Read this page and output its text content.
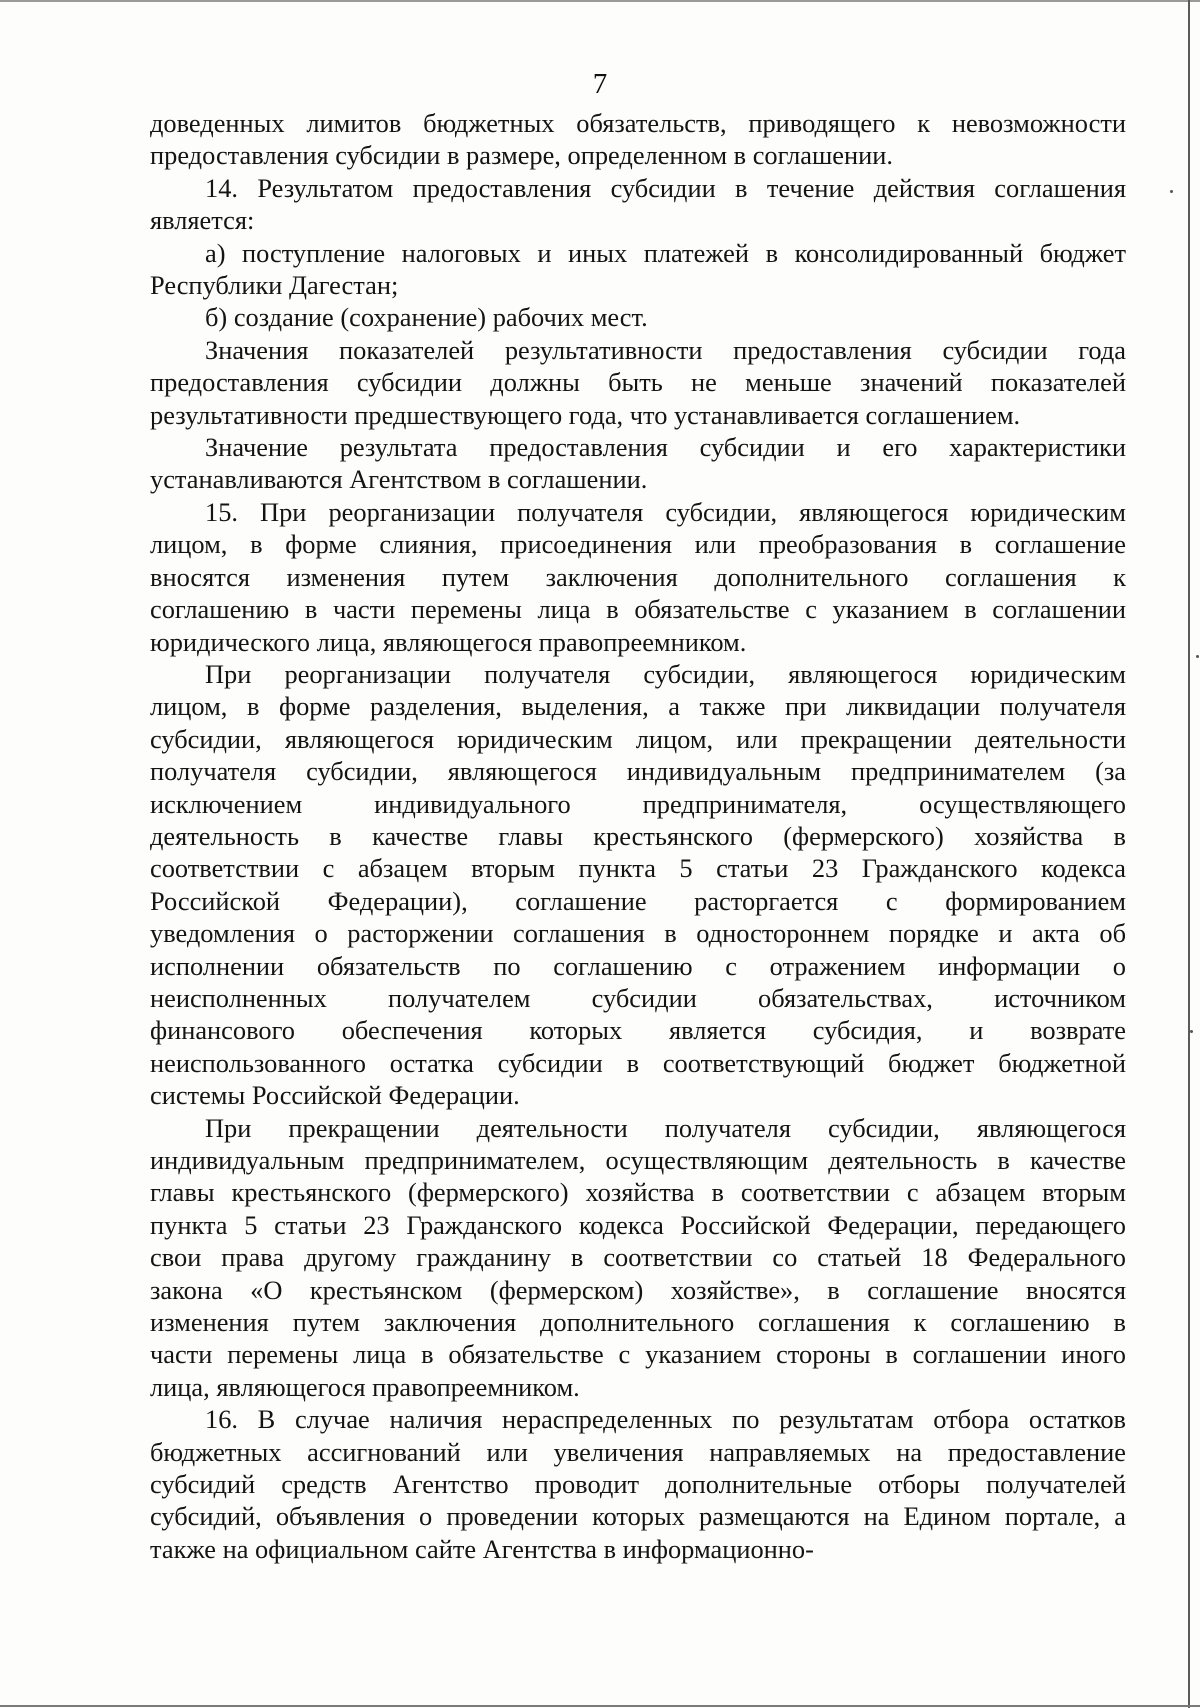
7

доведенных лимитов бюджетных обязательств, приводящего к невозможности
предоставления субсидии в размере, определенном в соглашении.

14. Результатом предоставления субсидии в течение действия соглашения
является:

а) поступление налоговых и иных платежей в консолидированный бюджет
Республики Дагестан;

б) создание (сохранение) рабочих мест.

Значения показателей результативности предоставления субсидии года
предоставления субсидии должны быть не меньше значений показателей
результативности предшествующего года, что устанавливается соглашением.

Значение результата предоставления субсидии и его характеристики
устанавливаются Агентством в соглашении.

15. При реорганизации получателя субсидии, являющегося юридическим
лицом, в форме слияния, присоединения или преобразования в соглашение
вносятся изменения путем заключения дополнительного соглашения к
соглашению в части перемены лица в обязательстве с указанием в соглашении
юридического лица, являющегося правопреемником.

При реорганизации получателя субсидии, являющегося юридическим
лицом, в форме разделения, выделения, а также при ликвидации получателя
субсидии, являющегося юридическим лицом, или прекращении деятельности
получателя субсидии, являющегося индивидуальным предпринимателем (за
исключением индивидуального предпринимателя, осуществляющего
деятельность в качестве главы крестьянского (фермерского) хозяйства в
соответствии с абзацем вторым пункта 5 статьи 23 Гражданского кодекса
Российской Федерации), соглашение расторгается с формированием
уведомления о расторжении соглашения в одностороннем порядке и акта об
исполнении обязательств по соглашению с отражением информации о
неисполненных получателем субсидии обязательствах, источником
финансового обеспечения которых является субсидия, и возврате
неиспользованного остатка субсидии в соответствующий бюджет бюджетной
системы Российской Федерации.

При прекращении деятельности получателя субсидии, являющегося
индивидуальным предпринимателем, осуществляющим деятельность в качестве
главы крестьянского (фермерского) хозяйства в соответствии с абзацем вторым
пункта 5 статьи 23 Гражданского кодекса Российской Федерации, передающего
свои права другому гражданину в соответствии со статьей 18 Федерального
закона «О крестьянском (фермерском) хозяйстве», в соглашение вносятся
изменения путем заключения дополнительного соглашения к соглашению в
части перемены лица в обязательстве с указанием стороны в соглашении иного
лица, являющегося правопреемником.

16. В случае наличия нераспределенных по результатам отбора остатков
бюджетных ассигнований или увеличения направляемых на предоставление
субсидий средств Агентство проводит дополнительные отборы получателей
субсидий, объявления о проведении которых размещаются на Едином портале, а
также на официальном сайте Агентства в информационно-
